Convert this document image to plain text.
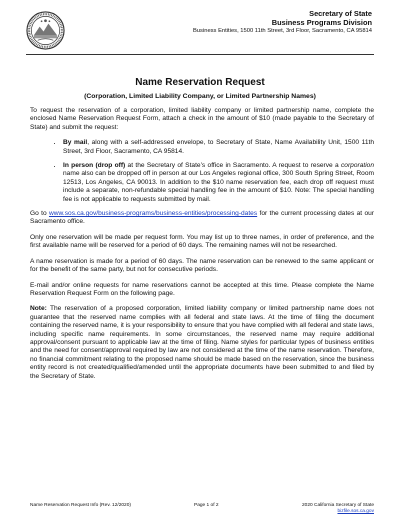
Secretary of State
Business Programs Division
Business Entities, 1500 11th Street, 3rd Floor, Sacramento, CA 95814
Name Reservation Request
(Corporation, Limited Liability Company, or Limited Partnership Names)

To request the reservation of a corporation, limited liability company or limited partnership name, complete the enclosed Name Reservation Request Form, attach a check in the amount of $10 (made payable to the Secretary of State) and submit the request:

• By mail, along with a self-addressed envelope, to Secretary of State, Name Availability Unit, 1500 11th Street, 3rd Floor, Sacramento, CA 95814.
• In person (drop off) at the Secretary of State’s office in Sacramento. A request to reserve a corporation name also can be dropped off in person at our Los Angeles regional office, 300 South Spring Street, Room 12513, Los Angeles, CA 90013. In addition to the $10 name reservation fee, each drop off request must include a separate, non-refundable special handling fee in the amount of $10. Note: The special handling fee is not applicable to requests submitted by mail.

Go to www.sos.ca.gov/business-programs/business-entities/processing-dates for the current processing dates at our Sacramento office.

Only one reservation will be made per request form. You may list up to three names, in order of preference, and the first available name will be reserved for a period of 60 days. The remaining names will not be researched.

A name reservation is made for a period of 60 days. The name reservation can be renewed to the same applicant or for the benefit of the same party, but not for consecutive periods.

E-mail and/or online requests for name reservations cannot be accepted at this time. Please complete the Name Reservation Request Form on the following page.

Note: The reservation of a proposed corporation, limited liability company or limited partnership name does not guarantee that the reserved name complies with all federal and state laws. At the time of filing the document containing the reserved name, it is your responsibility to ensure that you have complied with all federal and state laws, including specific name requirements. In some circumstances, the reserved name may require additional approval/consent pursuant to applicable law at the time of filing. Name styles for particular types of business entities and the need for consent/approval required by law are not considered at the time of the name reservation. Therefore, no financial commitment relating to the proposed name should be made based on the reservation, since the business entity record is not created/qualified/amended until the appropriate documents have been submitted to and filed by the Secretary of State.

Name Reservation Request Info (Rev. 12/2020)	Page 1 of 2	2020 California Secretary of State
bizfile.sos.ca.gov
